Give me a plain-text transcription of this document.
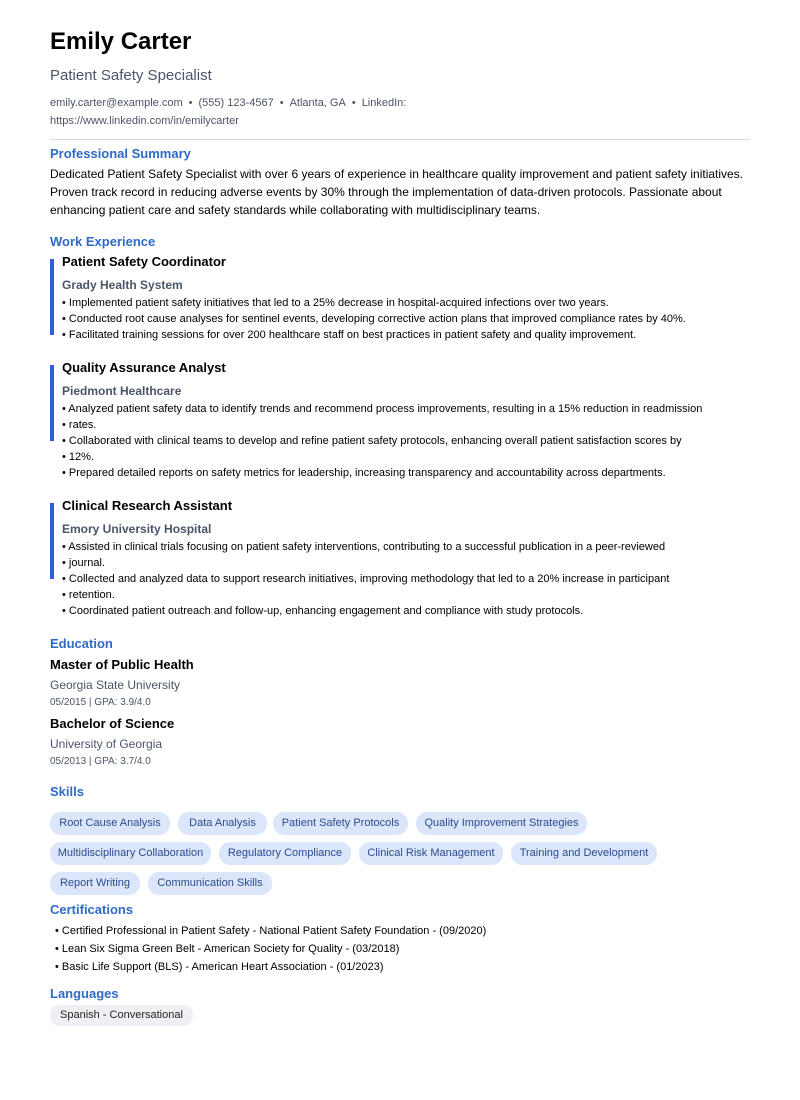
Emily Carter
Patient Safety Specialist
emily.carter@example.com • (555) 123-4567 • Atlanta, GA • LinkedIn:
https://www.linkedin.com/in/emilycarter
Professional Summary
Dedicated Patient Safety Specialist with over 6 years of experience in healthcare quality improvement and patient safety initiatives. Proven track record in reducing adverse events by 30% through the implementation of data-driven protocols. Passionate about enhancing patient care and safety standards while collaborating with multidisciplinary teams.
Work Experience
Patient Safety Coordinator
Grady Health System
• Implemented patient safety initiatives that led to a 25% decrease in hospital-acquired infections over two years.
• Conducted root cause analyses for sentinel events, developing corrective action plans that improved compliance rates by 40%.
• Facilitated training sessions for over 200 healthcare staff on best practices in patient safety and quality improvement.
Quality Assurance Analyst
Piedmont Healthcare
• Analyzed patient safety data to identify trends and recommend process improvements, resulting in a 15% reduction in readmission
• rates.
• Collaborated with clinical teams to develop and refine patient safety protocols, enhancing overall patient satisfaction scores by
• 12%.
• Prepared detailed reports on safety metrics for leadership, increasing transparency and accountability across departments.
Clinical Research Assistant
Emory University Hospital
• Assisted in clinical trials focusing on patient safety interventions, contributing to a successful publication in a peer-reviewed
• journal.
• Collected and analyzed data to support research initiatives, improving methodology that led to a 20% increase in participant
• retention.
• Coordinated patient outreach and follow-up, enhancing engagement and compliance with study protocols.
Education
Master of Public Health
Georgia State University
05/2015 | GPA: 3.9/4.0
Bachelor of Science
University of Georgia
05/2013 | GPA: 3.7/4.0
Skills
Root Cause Analysis	Data Analysis	Patient Safety Protocols	Quality Improvement Strategies
Multidisciplinary Collaboration	Regulatory Compliance	Clinical Risk Management	Training and Development
Report Writing	Communication Skills
Certifications
• Certified Professional in Patient Safety - National Patient Safety Foundation - (09/2020)
• Lean Six Sigma Green Belt - American Society for Quality - (03/2018)
• Basic Life Support (BLS) - American Heart Association - (01/2023)
Languages
Spanish - Conversational
